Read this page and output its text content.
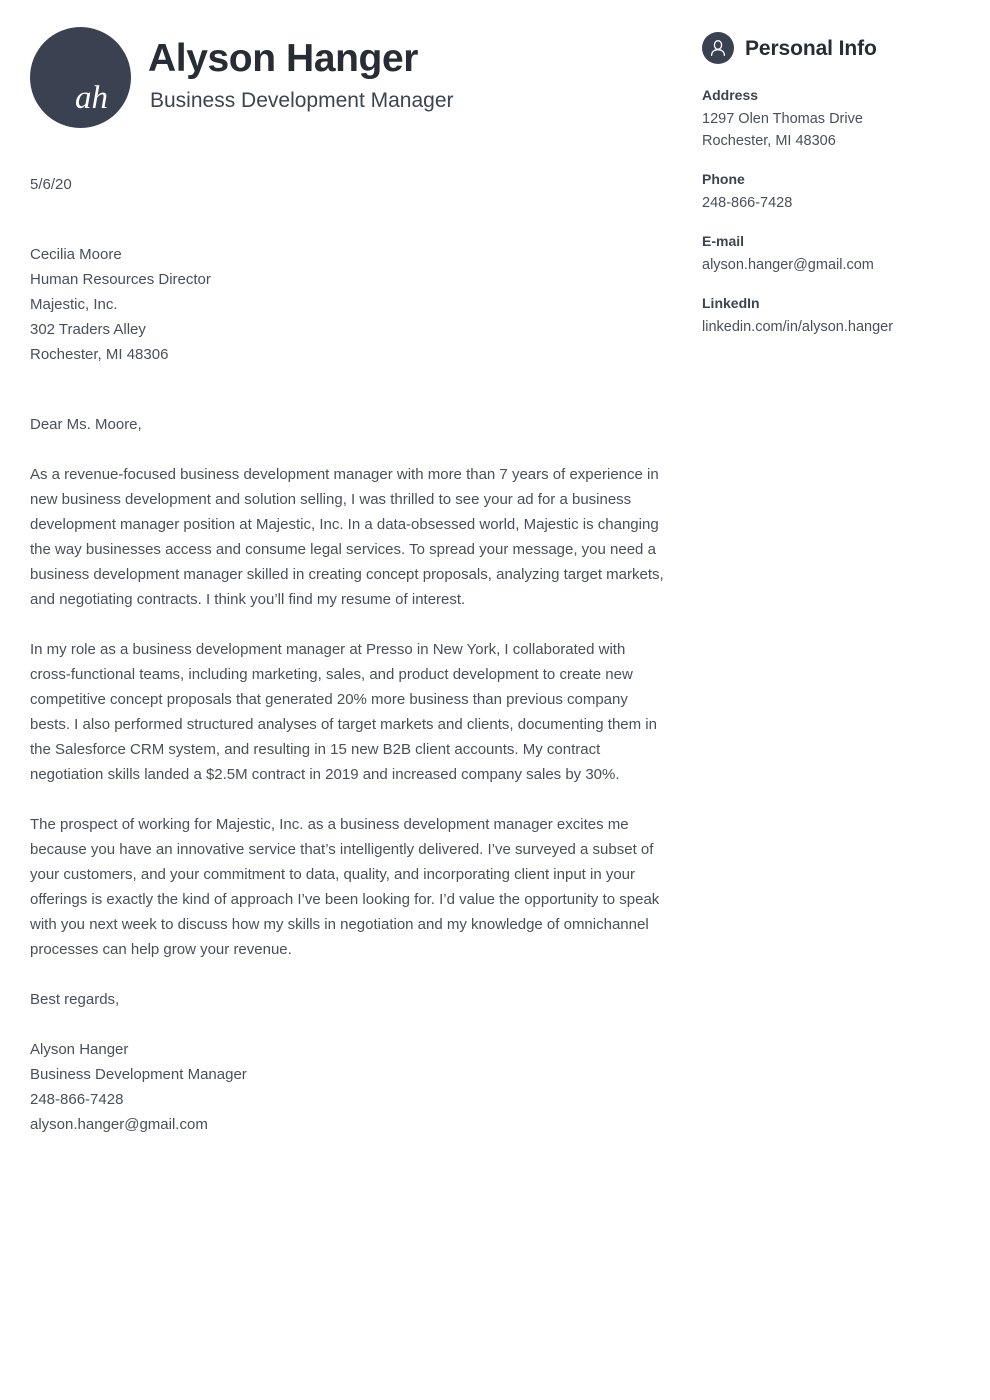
ah
Alyson Hanger
Business Development Manager
5/6/20
Cecilia Moore
Human Resources Director
Majestic, Inc.
302 Traders Alley
Rochester, MI 48306
Dear Ms. Moore,

As a revenue-focused business development manager with more than 7 years of experience in new business development and solution selling, I was thrilled to see your ad for a business development manager position at Majestic, Inc. In a data-obsessed world, Majestic is changing the way businesses access and consume legal services. To spread your message, you need a business development manager skilled in creating concept proposals, analyzing target markets, and negotiating contracts. I think you’ll find my resume of interest.

In my role as a business development manager at Presso in New York, I collaborated with cross-functional teams, including marketing, sales, and product development to create new competitive concept proposals that generated 20% more business than previous company bests. I also performed structured analyses of target markets and clients, documenting them in the Salesforce CRM system, and resulting in 15 new B2B client accounts. My contract negotiation skills landed a $2.5M contract in 2019 and increased company sales by 30%.

The prospect of working for Majestic, Inc. as a business development manager excites me because you have an innovative service that’s intelligently delivered. I’ve surveyed a subset of your customers, and your commitment to data, quality, and incorporating client input in your offerings is exactly the kind of approach I’ve been looking for. I’d value the opportunity to speak with you next week to discuss how my skills in negotiation and my knowledge of omnichannel processes can help grow your revenue.

Best regards,
Alyson Hanger
Business Development Manager
248-866-7428
alyson.hanger@gmail.com
Personal Info
Address
1297 Olen Thomas Drive
Rochester, MI 48306
Phone
248-866-7428
E-mail
alyson.hanger@gmail.com
LinkedIn
linkedin.com/in/alyson.hanger
